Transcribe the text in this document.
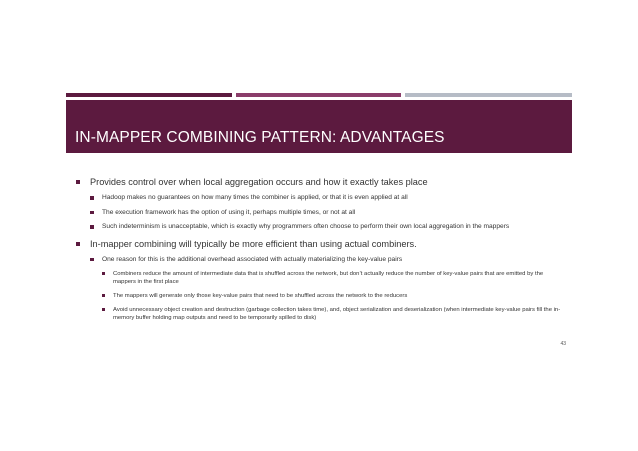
IN-MAPPER COMBINING PATTERN: ADVANTAGES
Provides control over when local aggregation occurs and how it exactly takes place
Hadoop makes no guarantees on how many times the combiner is applied, or that it is even applied at all
The execution framework has the option of using it, perhaps multiple times, or not at all
Such indeterminism is unacceptable, which is exactly why programmers often choose to perform their own local aggregation in the mappers
In-mapper combining will typically be more efficient than using actual combiners.
One reason for this is the additional overhead associated with actually materializing the key-value pairs
Combiners reduce the amount of intermediate data that is shuffled across the network, but don’t actually reduce the number of key-value pairs that are emitted by the mappers in the first place
The mappers will generate only those key-value pairs that need to be shuffled across the network to the reducers
Avoid unnecessary object creation and destruction (garbage collection takes time), and, object serialization and deserialization (when intermediate key-value pairs fill the in-memory buffer holding map outputs and need to be temporarily spilled to disk)
43
